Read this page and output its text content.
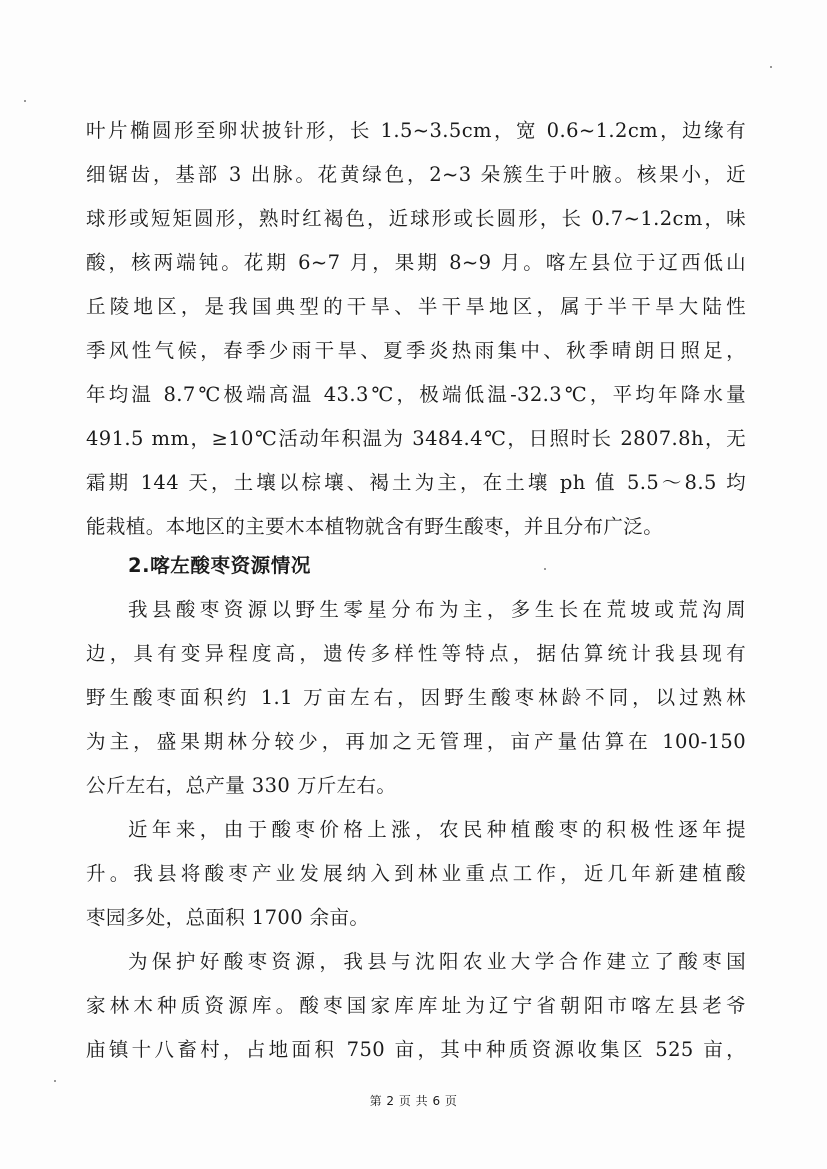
叶片椭圆形至卵状披针形，长 1.5~3.5cm，宽 0.6~1.2cm，边缘有
细锯齿，基部 3 出脉。花黄绿色，2~3 朵簇生于叶腋。核果小，近
球形或短矩圆形，熟时红褐色，近球形或长圆形，长 0.7~1.2cm，味
酸，核两端钝。花期 6~7 月，果期 8~9 月。喀左县位于辽西低山
丘陵地区，是我国典型的干旱、半干旱地区，属于半干旱大陆性
季风性气候，春季少雨干旱、夏季炎热雨集中、秋季晴朗日照足，
年均温 8.7℃极端高温 43.3℃，极端低温-32.3℃，平均年降水量
491.5 mm，≥10℃活动年积温为 3484.4℃，日照时长 2807.8h，无
霜期 144 天，土壤以棕壤、褐土为主，在土壤 ph 值 5.5～8.5 均
能栽植。本地区的主要木本植物就含有野生酸枣，并且分布广泛。
2.喀左酸枣资源情况
我县酸枣资源以野生零星分布为主，多生长在荒坡或荒沟周
边，具有变异程度高，遗传多样性等特点，据估算统计我县现有
野生酸枣面积约 1.1 万亩左右，因野生酸枣林龄不同，以过熟林
为主，盛果期林分较少，再加之无管理，亩产量估算在 100-150
公斤左右，总产量 330 万斤左右。
近年来，由于酸枣价格上涨，农民种植酸枣的积极性逐年提
升。我县将酸枣产业发展纳入到林业重点工作，近几年新建植酸
枣园多处，总面积 1700 余亩。
为保护好酸枣资源，我县与沈阳农业大学合作建立了酸枣国
家林木种质资源库。酸枣国家库库址为辽宁省朝阳市喀左县老爷
庙镇十八畜村，占地面积 750 亩，其中种质资源收集区 525 亩，
第 2 页 共 6 页
